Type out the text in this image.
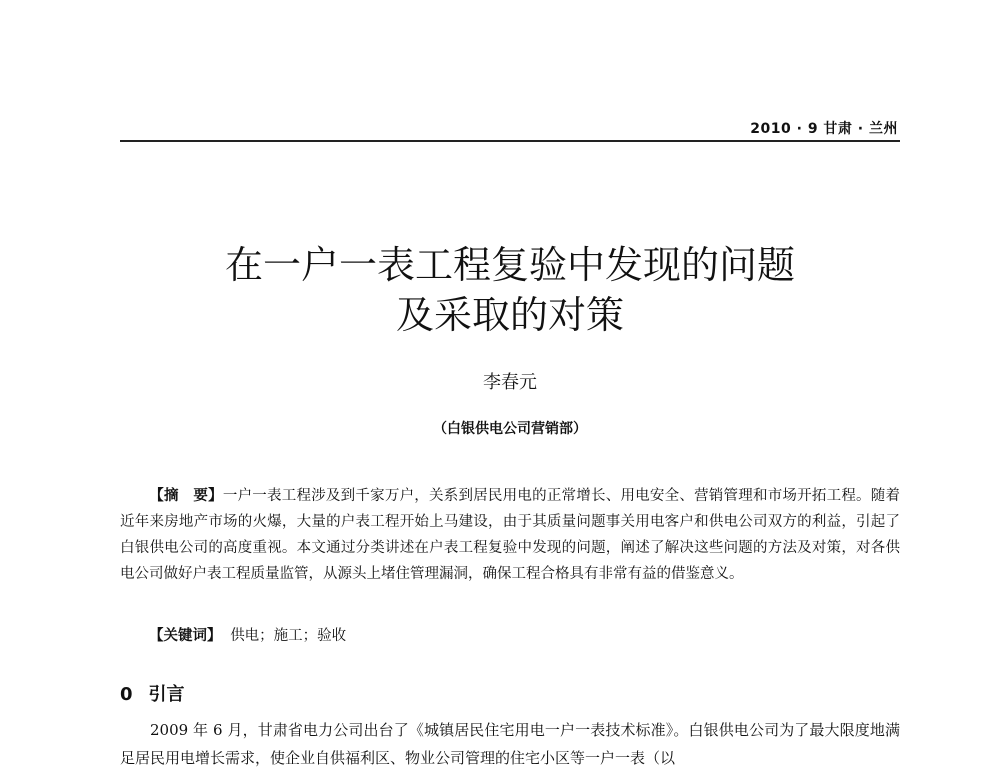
2010 · 9 甘肃 · 兰州
在一户一表工程复验中发现的问题
及采取的对策
李春元
（白银供电公司营销部）

【摘　要】一户一表工程涉及到千家万户，关系到居民用电的正常增长、用电安全、营销管理和市场开拓工程。随着近年来房地产市场的火爆，大量的户表工程开始上马建设，由于其质量问题事关用电客户和供电公司双方的利益，引起了白银供电公司的高度重视。本文通过分类讲述在户表工程复验中发现的问题，阐述了解决这些问题的方法及对策，对各供电公司做好户表工程质量监管，从源头上堵住管理漏洞，确保工程合格具有非常有益的借鉴意义。

【关键词】 供电；施工；验收

0 引言

2009 年 6 月，甘肃省电力公司出台了《城镇居民住宅用电一户一表技术标准》。白银供电公司为了最大限度地满足居民用电增长需求，使企业自供福利区、物业公司管理的住宅小区等一户一表（以
